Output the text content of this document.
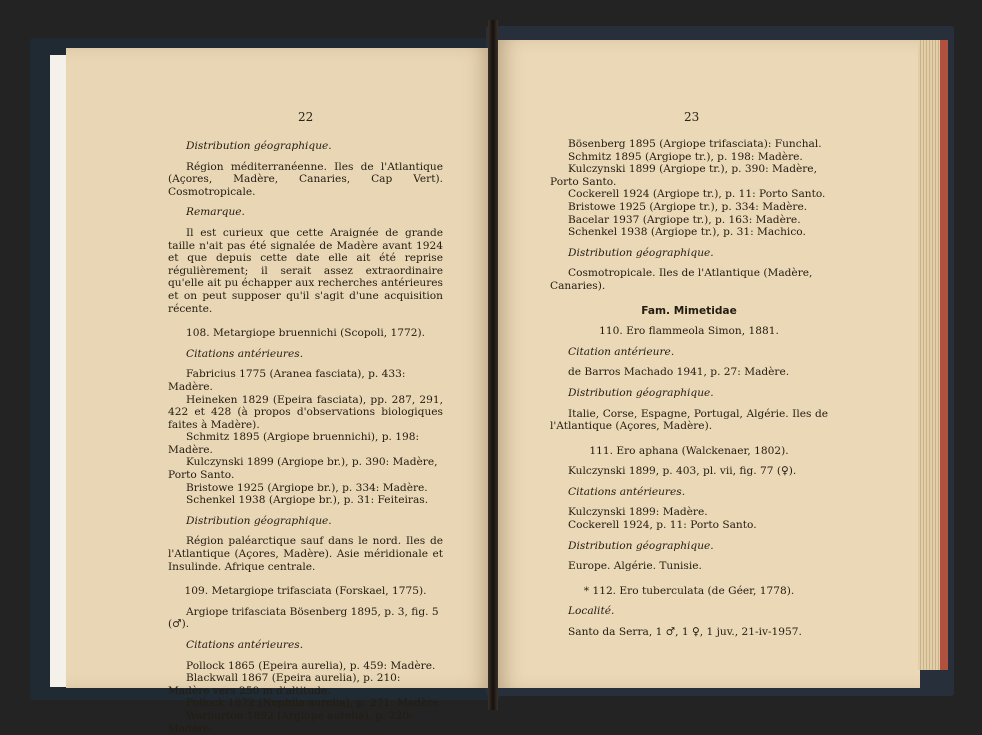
22

Distribution géographique.

Région méditerranéenne. Iles de l'Atlantique (Açores, Madère, Canaries, Cap Vert). Cosmotropicale.

Remarque.

Il est curieux que cette Araignée de grande taille n'ait pas été signalée de Madère avant 1924 et que depuis cette date elle ait été reprise régulièrement; il serait assez extraordinaire qu'elle ait pu échapper aux recherches antérieures et on peut supposer qu'il s'agit d'une acquisition récente.

108. Metargiope bruennichi (Scopoli, 1772).

Citations antérieures.

Fabricius 1775 (Aranea fasciata), p. 433: Madère.

Heineken 1829 (Epeira fasciata), pp. 287, 291, 422 et 428 (à propos d'observations biologiques faites à Madère).

Schmitz 1895 (Argiope bruennichi), p. 198: Madère.

Kulczynski 1899 (Argiope br.), p. 390: Madère, Porto Santo.

Bristowe 1925 (Argiope br.), p. 334: Madère.

Schenkel 1938 (Argiope br.), p. 31: Feiteiras.

Distribution géographique.

Région paléarctique sauf dans le nord. Iles de l'Atlantique (Açores, Madère). Asie méridionale et Insulinde. Afrique centrale.

109. Metargiope trifasciata (Forskael, 1775).

Argiope trifasciata Bösenberg 1895, p. 3, fig. 5 (♂).

Citations antérieures.

Pollock 1865 (Epeira aurelia), p. 459: Madère.

Blackwall 1867 (Epeira aurelia), p. 210: Madère vers 250 m d'altitude.

Pollock 1872 (Nephila aurelia), p. 271: Madère.

Warburton 1892 (Argiope aurelia), p. 220: Madère.

23

Bösenberg 1895 (Argiope trifasciata): Funchal.

Schmitz 1895 (Argiope tr.), p. 198: Madère.

Kulczynski 1899 (Argiope tr.), p. 390: Madère, Porto Santo.

Cockerell 1924 (Argiope tr.), p. 11: Porto Santo.

Bristowe 1925 (Argiope tr.), p. 334: Madère.

Bacelar 1937 (Argiope tr.), p. 163: Madère.

Schenkel 1938 (Argiope tr.), p. 31: Machico.

Distribution géographique.

Cosmotropicale. Iles de l'Atlantique (Madère, Canaries).

Fam. Mimetidae

110. Ero flammeola Simon, 1881.

Citation antérieure.

de Barros Machado 1941, p. 27: Madère.

Distribution géographique.

Italie, Corse, Espagne, Portugal, Algérie. Iles de l'Atlantique (Açores, Madère).

111. Ero aphana (Walckenaer, 1802).

Kulczynski 1899, p. 403, pl. vii, fig. 77 (♀).

Citations antérieures.

Kulczynski 1899: Madère.

Cockerell 1924, p. 11: Porto Santo.

Distribution géographique.

Europe. Algérie. Tunisie.

* 112. Ero tuberculata (de Géer, 1778).

Localité.

Santo da Serra, 1 ♂, 1 ♀, 1 juv., 21-iv-1957.
